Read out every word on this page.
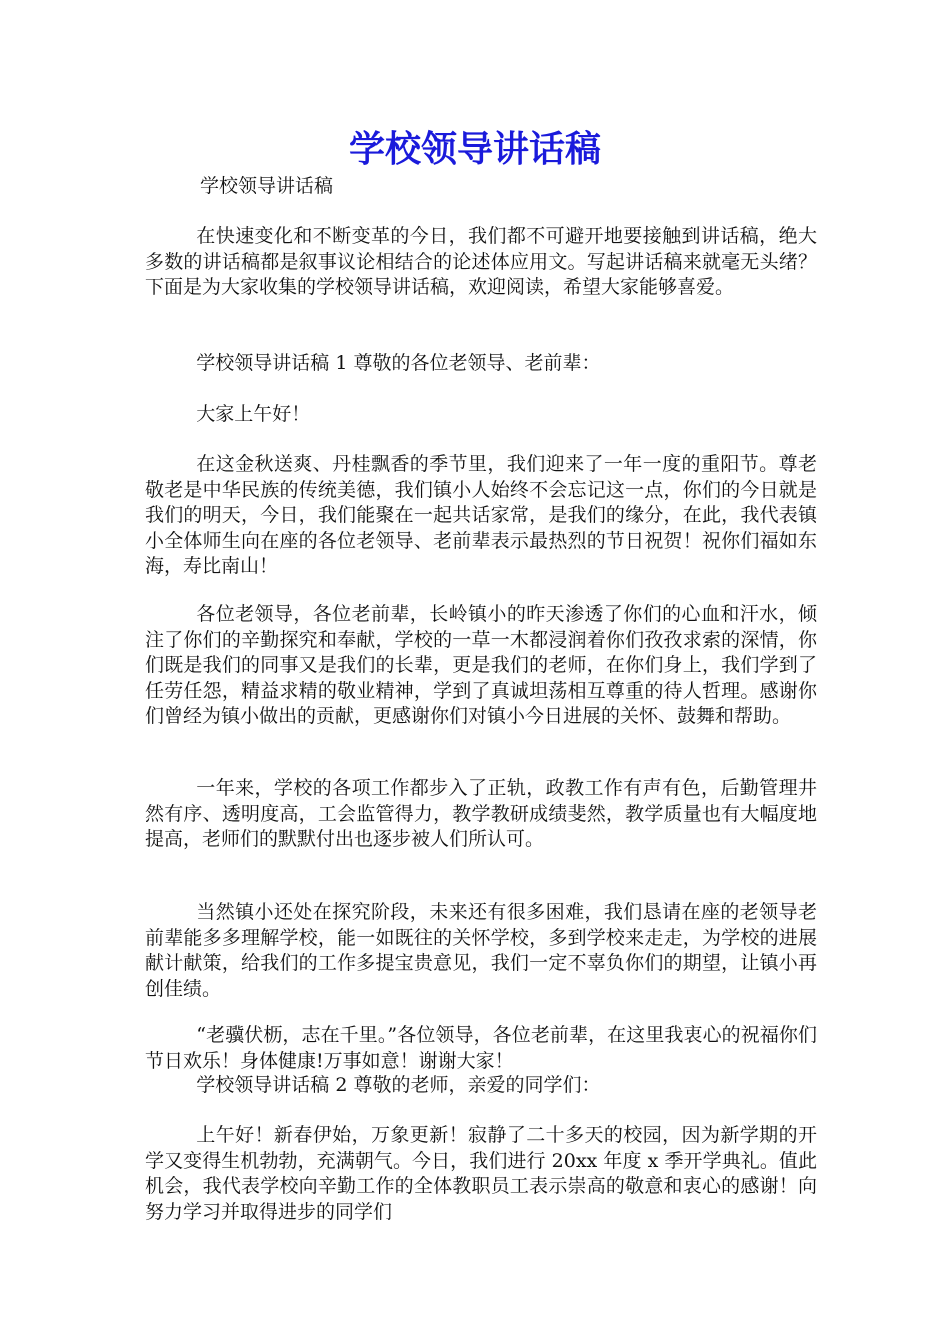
学校领导讲话稿

学校领导讲话稿

在快速变化和不断变革的今日，我们都不可避开地要接触到讲话稿，绝大多数的讲话稿都是叙事议论相结合的论述体应用文。写起讲话稿来就毫无头绪？下面是为大家收集的学校领导讲话稿，欢迎阅读，希望大家能够喜爱。

学校领导讲话稿 1 尊敬的各位老领导、老前辈：

大家上午好！

在这金秋送爽、丹桂飘香的季节里，我们迎来了一年一度的重阳节。尊老敬老是中华民族的传统美德，我们镇小人始终不会忘记这一点，你们的今日就是我们的明天，今日，我们能聚在一起共话家常，是我们的缘分，在此，我代表镇小全体师生向在座的各位老领导、老前辈表示最热烈的节日祝贺！祝你们福如东海，寿比南山！

各位老领导，各位老前辈，长岭镇小的昨天渗透了你们的心血和汗水，倾注了你们的辛勤探究和奉献，学校的一草一木都浸润着你们孜孜求索的深情，你们既是我们的同事又是我们的长辈，更是我们的老师，在你们身上，我们学到了任劳任怨，精益求精的敬业精神，学到了真诚坦荡相互尊重的待人哲理。感谢你们曾经为镇小做出的贡献，更感谢你们对镇小今日进展的关怀、鼓舞和帮助。

一年来，学校的各项工作都步入了正轨，政教工作有声有色，后勤管理井然有序、透明度高，工会监管得力，教学教研成绩斐然，教学质量也有大幅度地提高，老师们的默默付出也逐步被人们所认可。

当然镇小还处在探究阶段，未来还有很多困难，我们恳请在座的老领导老前辈能多多理解学校，能一如既往的关怀学校，多到学校来走走，为学校的进展献计献策，给我们的工作多提宝贵意见，我们一定不辜负你们的期望，让镇小再创佳绩。

“老骥伏枥，志在千里。”各位领导，各位老前辈，在这里我衷心的祝福你们节日欢乐！身体健康!万事如意！谢谢大家！

学校领导讲话稿 2 尊敬的老师，亲爱的同学们：

上午好！新春伊始，万象更新！寂静了二十多天的校园，因为新学期的开学又变得生机勃勃，充满朝气。今日，我们进行 20xx 年度 x 季开学典礼。值此机会，我代表学校向辛勤工作的全体教职员工表示崇高的敬意和衷心的感谢！向努力学习并取得进步的同学们
